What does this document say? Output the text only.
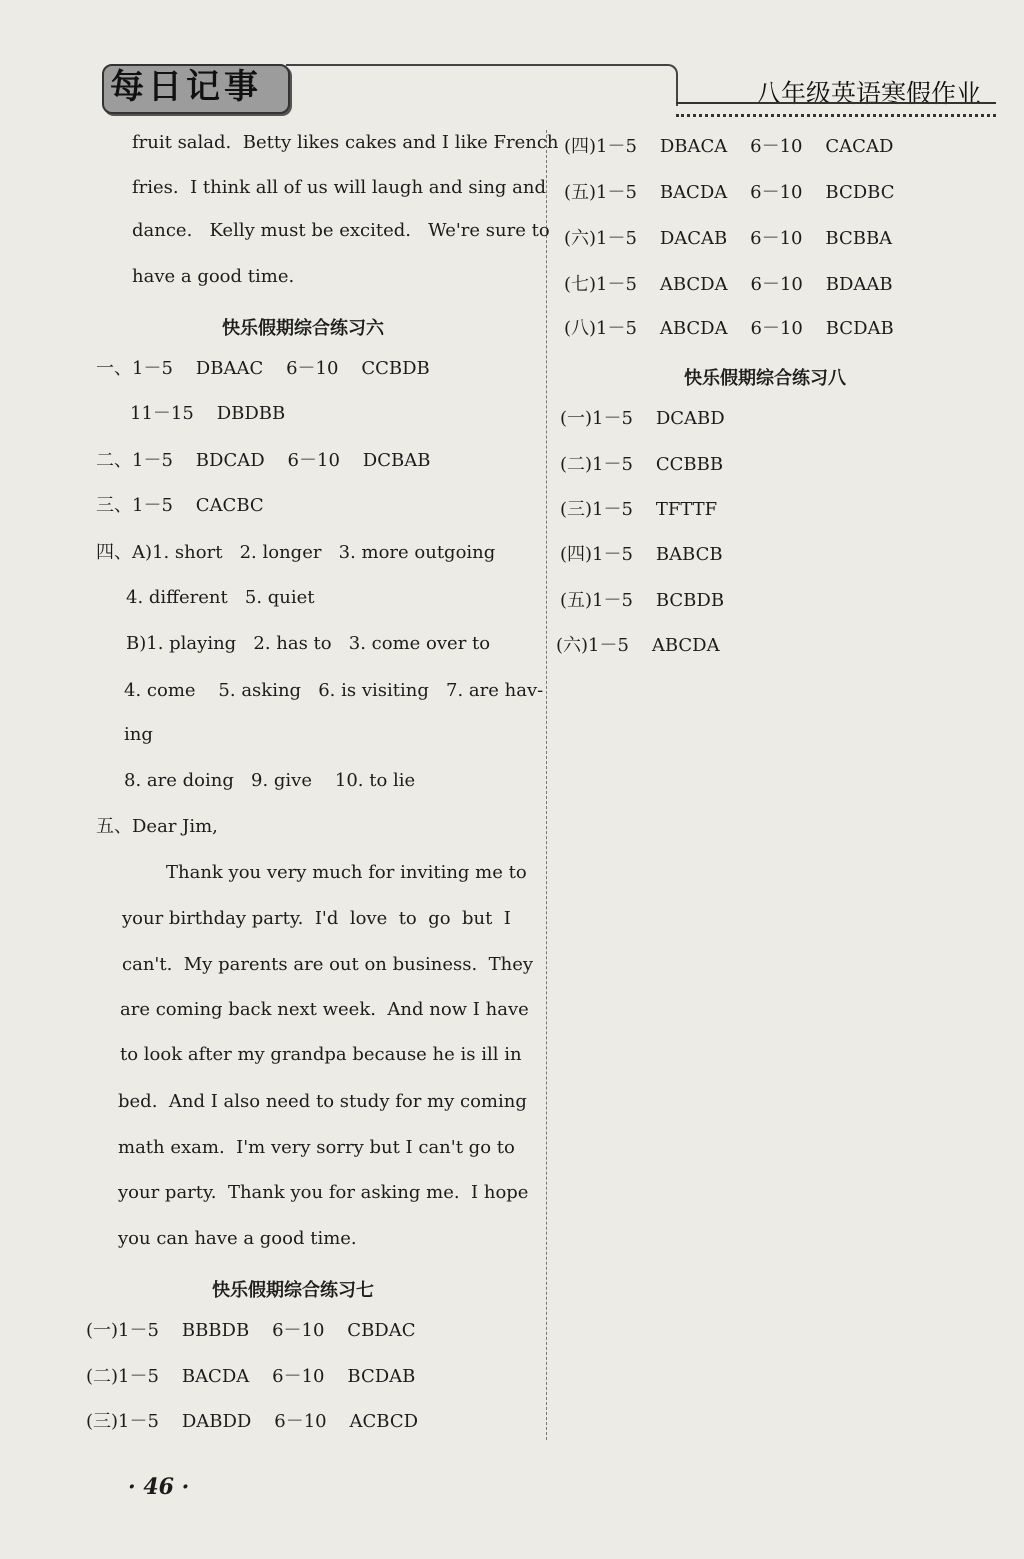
每日记事	八年级英语寒假作业
fruit salad.  Betty likes cakes and I like French
fries.  I think all of us will laugh and sing and
dance.   Kelly must be excited.   We're sure to
have a good time.
快乐假期综合练习六
一、1－5    DBAAC    6－10    CCBDB
11－15    DBDBB
二、1－5    BDCAD    6－10    DCBAB
三、1－5    CACBC
四、A)1. short   2. longer   3. more outgoing
4. different   5. quiet
B)1. playing   2. has to   3. come over to
4. come    5. asking   6. is visiting   7. are hav-
ing
8. are doing   9. give    10. to lie
五、Dear Jim,
Thank you very much for inviting me to
your birthday party.  I'd  love  to  go  but  I
can't.  My parents are out on business.  They
are coming back next week.  And now I have
to look after my grandpa because he is ill in
bed.  And I also need to study for my coming
math exam.  I'm very sorry but I can't go to
your party.  Thank you for asking me.  I hope
you can have a good time.
快乐假期综合练习七
(一)1－5    BBBDB    6－10    CBDAC
(二)1－5    BACDA    6－10    BCDAB
(三)1－5    DABDD    6－10    ACBCD
(四)1－5    DBACA    6－10    CACAD
(五)1－5    BACDA    6－10    BCDBC
(六)1－5    DACAB    6－10    BCBBA
(七)1－5    ABCDA    6－10    BDAAB
(八)1－5    ABCDA    6－10    BCDAB
快乐假期综合练习八
(一)1－5    DCABD
(二)1－5    CCBBB
(三)1－5    TFTTF
(四)1－5    BABCB
(五)1－5    BCBDB
(六)1－5    ABCDA
· 46 ·
